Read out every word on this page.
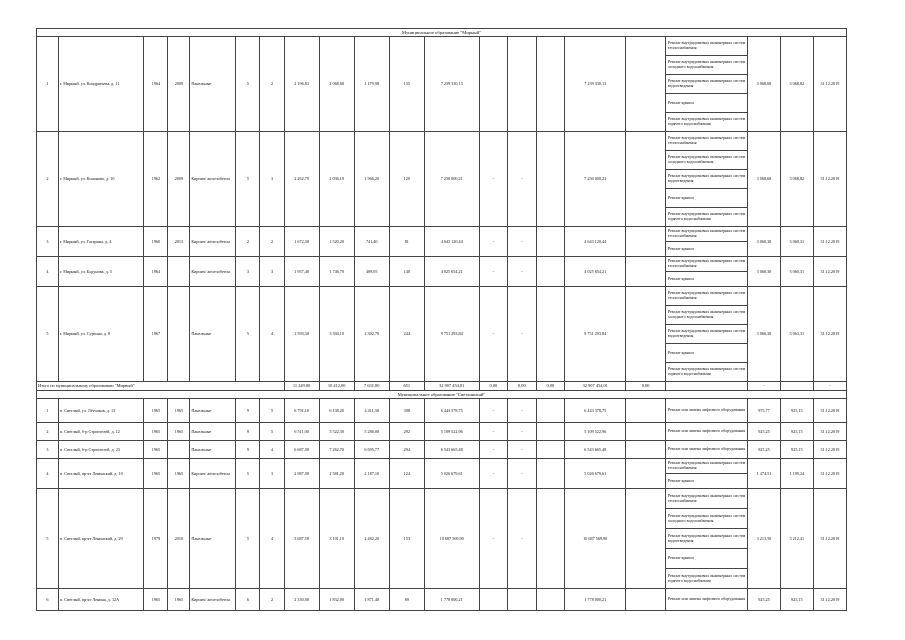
Муниципальное образование "Мирный"																				
1	г. Мирный, ул. Кондратьева, д. 11	1964	2009	Панельные	5	2	2 196,83	2 068,68	1 179,98	135	7 239 330,13				7 239 330,13		Ремонт внутридомовых инженерных систем теплоснабжения	3 068,68	3 068,82	31.12.2019
																	Ремонт внутридомовых инженерных систем холодного водоснабжения			
																	Ремонт внутридомовых инженерных систем водоотведения			
																	Ремонт крыши			
																	Ремонт внутридомовых инженерных систем горячего водоснабжения			
2	г. Мирный, ул. Кононова, д. 10	1962	2009	Кирпич/ железобетон	5	3	2 262,79	2 036,19	1 966,20	120	7 250 000,21	-	-		7 250 000,21		Ремонт внутридомовых инженерных систем теплоснабжения	3 068,68	3 068,82	31.12.2019
																	Ремонт внутридомовых инженерных систем холодного водоснабжения			
																	Ремонт внутридомовых инженерных систем водоотведения			
																	Ремонт крыши			
																	Ремонт внутридомовых инженерных систем горячего водоснабжения			
3	г. Мирный, ул. Гагарина, д. 4	1960	2013	Кирпич/ железобетон	2	2	1 672,30	1 520,20	741,40	81	4 643 120,44	-	-		4 643 120,44		Ремонт внутридомовых инженерных систем теплоснабжения	3 060,30	3 060,31	31.12.2019
																	Ремонт крыши			
4	г. Мирный, ул. Бодунова, д. 5	1964		Кирпич/ железобетон	3	3	1 957,40	1 746,70	409,05	140	4 025 654,21	-	-		4 025 654,21		Ремонт внутридомовых инженерных систем теплоснабжения	3 060,30	3 060,31	31.12.2019
																	Ремонт крыши			
5	г. Мирный, ул. Сургина, д. 8	1967		Панельные	5	4	1 593,30	3 394,10	2 302,70	244	9 751 293,84	-	-		9 751 293,84		Ремонт внутридомовых инженерных систем теплоснабжения	3 066,30	3 063,31	31.12.2019
																	Ремонт внутридомовых инженерных систем холодного водоснабжения			
																	Ремонт внутридомовых инженерных систем водоотведения			
																	Ремонт крыши			
																	Ремонт внутридомовых инженерных систем горячего водоснабжения			
Итого по муниципальному образованию "Мирный"							11 249,00	10 412,00	7 631,00	651	32 907 454,01	0,00	0,00	0,00	32 907 454,01	0,00		-		-
Муниципальное образование "Светлинский"																				
1	п. Светлый, ул. Лётчиков, д. 13	1965	1965	Панельные	9	5	6 791,10	6 138,20	4 411,30	398	6 443 378,75	-	-		6 443 378,75		Ремонт или замена лифтового оборудования	975,77	925,15	31.12.2019
2	п. Светлый, б-р Строителей, д. 12	1965	1965	Панельные	9	5	6 511,00	5 522,30	5 286,00	292	5 109 522,96	-	-		5 109 522,96		Ремонт или замена лифтового оборудования	925,25	925,15	31.12.2019
3	п. Светлый, б-р Строителей, д. 23	1965		Панельные	9	4	6 687,00	7 262,70	6 695,77	294	6 543 665,48	-	-		6 543 665,48		Ремонт или замена лифтового оборудования	925,25	925,15	31.12.2019
4	п. Светлый, пр-кт Ленинский, д. 10	1965	1965	Кирпич/ железобетон	5	3	2 987,00	2 581,20	2 187,10	124	5 026 679,61	-	-		5 026 679,61		Ремонт внутридомовых инженерных систем теплоснабжения	1 474,51	1 199,24	31.12.2019
																	Ремонт крыши			
5	п. Светлый, пр-кт Ленинский, д. 29	1979	2010	Панельные	5	4	3 687,50	3 101,10	2 482,20	153	10 687 569,90	-	-		10 687 569,90		Ремонт внутридомовых инженерных систем теплоснабжения	3 213,50	3 212,41	31.12.2019
																	Ремонт внутридомовых инженерных систем холодного водоснабжения			
																	Ремонт внутридомовых инженерных систем водоотведения			
																	Ремонт крыши			
																	Ремонт внутридомовых инженерных систем горячего водоснабжения			
6	п. Светлый, пр-кт Ленина, д. 12А	1965	1965	Кирпич/ железобетон	6	2	2 330,00	1 832,00	1 871,40	69	1 778 000,21				1 778 000,21		Ремонт или замена лифтового оборудования	925,25	925,15	31.12.2019
